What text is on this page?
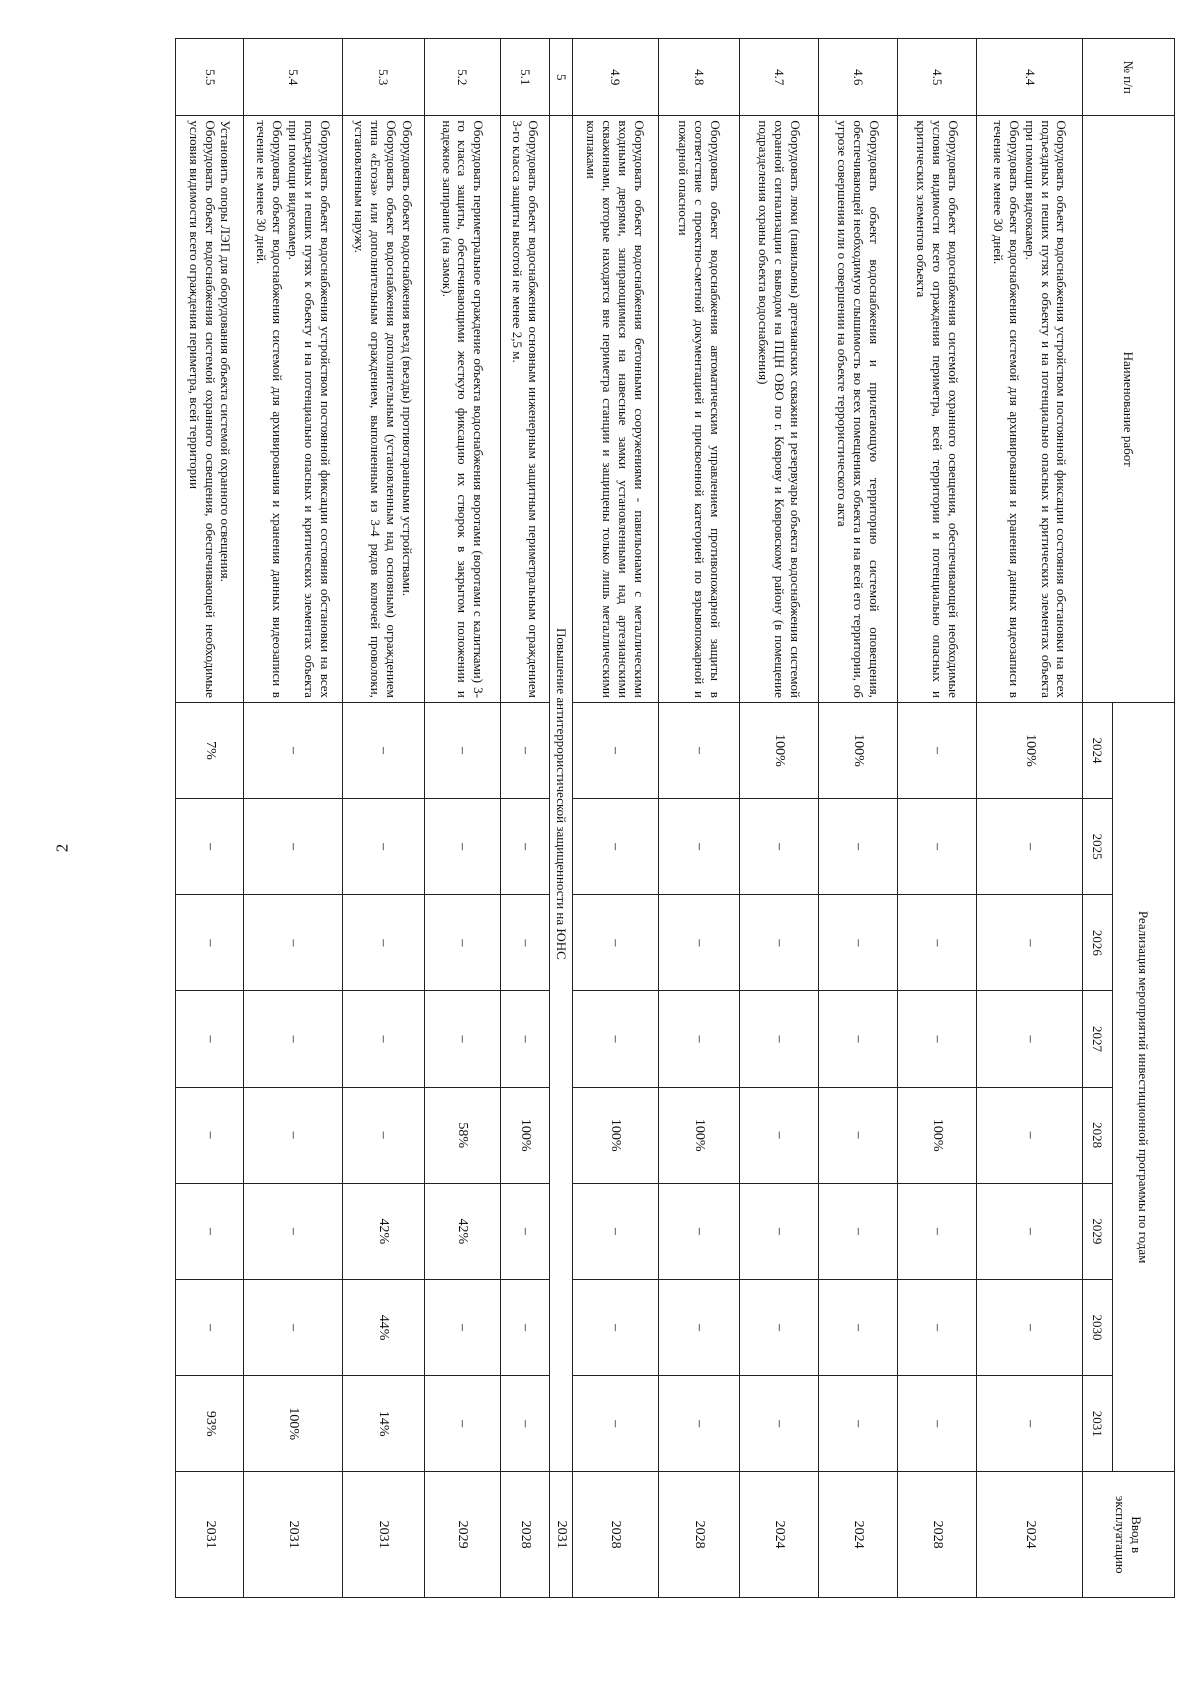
2
№ п/п	Наименование работ	Реализация мероприятий инвестиционной программы по годам								Ввод в эксплуатацию
		2024	2025	2026	2027	2028	2029	2030	2031	
4.4	Оборудовать объект водоснабжения устройством постоянной фиксации состояния обстановки на всех подъездных и пеших путях к объекту и на потенциально опасных и критических элементах объекта при помощи видеокамер.

Оборудовать объект водоснабжения системой для архивирования и хранения данных видеозаписи в течение не менее 30 дней.	100%	–	–	–	–	–	–	–	2024
4.5	Оборудовать объект водоснабжения системой охранного освещения, обеспечивающей необходимые условия видимости всего ограждения периметра, всей территории и потенциально опасных и критических элементов объекта	–	–	–	–	100%	–	–	–	2028
4.6	Оборудовать объект водоснабжения и прилегающую территорию системой оповещения, обеспечивающей необходимую слышимость во всех помещениях объекта и на всей его территории, об угрозе совершения или о совершении на объекте террористического акта	100%	–	–	–	–	–	–	–	2024
4.7	Оборудовать люки (павильоны) артезианских скважин и резервуары объекта водоснабжения системой охранной сигнализации с выводом на ПЦН ОВО по г. Коврову и Ковровскому району (в помещение подразделения охраны объекта водоснабжения)	100%	–	–	–	–	–	–	–	2024
4.8	Оборудовать объект водоснабжения автоматическим управлением противопожарной защиты в соответствие с проектно-сметной документацией и присвоенной категорией по взрывопожарной и пожарной опасности	–	–	–	–	100%	–	–	–	2028
4.9	Оборудовать объект водоснабжения бетонными сооружениями - павильонами с металлическими входными дверями, запирающимися на навесные замки установленными над артезианскими скважинами, которые находятся вне периметра станции и защищены только лишь металлическими колпаками	–	–	–	–	100%	–	–	–	2028
5	Повышение антитеррористической защищенности на ЮНС									2031
5.1	Оборудовать объект водоснабжения основным инженерным защитным периметральным ограждением 3-го класса защиты высотой не менее 2,5 м.	–	–	–	–	100%	–	–	–	2028
5.2	Оборудовать периметральное ограждение объекта водоснабжения воротами (воротами с калитками) 3-го класса защиты, обеспечивающими жесткую фиксацию их створок в закрытом положении и надежное запирание (на замок).	–	–	–	–	58%	42%	–	–	2029
5.3	Оборудовать объект водоснабжения въезд (въезды) противотаранными устройствами.

Оборудовать объект водоснабжения дополнительным (установленным над основным) ограждением типа «Егоза» или дополнительным ограждением, выполненным из 3-4 рядов колючей проволоки, установленным наружу.	–	–	–	–	–	42%	44%	14%	2031
5.4	Оборудовать объект водоснабжения устройством постоянной фиксации состояния обстановки на всех подъездных и пеших путях к объекту и на потенциально опасных и критических элементах объекта при помощи видеокамер.

Оборудовать объект водоснабжения системой для архивирования и хранения данных видеозаписи в течение не менее 30 дней.	–	–	–	–	–	–	–	100%	2031
5.5	Установить опоры ЛЭП для оборудования объекта системой охранного освещения.

Оборудовать объект водоснабжения системой охранного освещения, обеспечивающей необходимые условия видимости всего ограждения периметра, всей территории	7%	–	–	–	–	–	–	93%	2031
